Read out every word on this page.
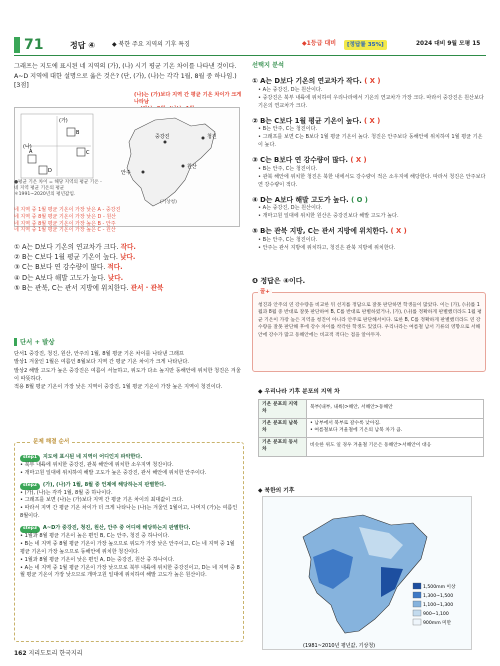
71	정답 ④	◆ 북한 주요 지역의 기후 특징	◆1등급 대비	[정답률 35%]	2024 대비 9월 모평 15

그래프는 지도에 표시된 네 지역의 (가), (나) 시기 평균 기온 차이를 나타낸 것이다. A~D 지역에 대한 설명으로 옳은 것은? (단, (가), (나)는 각각 1월, 8월 중 하나임.) [3점]

(나)는 (가)보다 지역 간 평균 기온 차이가 크게 나타남
(가)
(나)
A
B
C
D
중강진	청진
안주
원산
●평균 기온 차이 = 해당 지역의 평균 기온 -
네 지역 평균 기온의 평균
＊1991~2020년의 평년값임.
(기상청)
네 지역 중 1월 평균 기온이 가장 낮은 A - 중강진
네 지역 중 8월 평균 기온이 가장 낮은 D - 원산
네 지역 중 8월 평균 기온이 가장 높은 B - 안주
네 지역 중 1월 평균 기온이 가장 높은 C - 원산
① A는 D보다 기온의 연교차가 크다. 작다.
② B는 C보다 1월 평균 기온이 높다. 낮다.
③ C는 B보다 연 강수량이 많다. 적다.
④ D는 A보다 해발 고도가 높다. 낮다.
⑤ B는 관북, C는 관서 지방에 위치한다. 관서 · 관북
단서 + 발상
단서1 중강진, 청진, 원산, 안주의 1월, 8월 평균 기온 차이를 나타낸 그래프
발상1 겨울인 1월은 여름인 8월보다 지역 간 평균 기온 차이가 크게 나타난다.
발상2 해발 고도가 높은 중강진은 여름이 서늘하고, 위도가 다소 높지만 동해안에 위치한 청진은 겨울이 따뜻하다.
적용 8월 평균 기온이 가장 낮은 지역이 중강진, 1월 평균 기온이 가장 높은 지역이 청진이다.
문제 해결 순서
step1 지도에 표시된 네 지역이 어디인지 파악한다.
• 북부 내륙에 위치한 중강진, 관북 해안에 위치한 소우지역 청진이다.
• 개마고원 일대에 위치하여 해발 고도가 높은 중강진, 관서 해안에 위치한 안주이다.
step2 (가), (나)가 1월, 8월 중 언제에 해당하는지 판별한다.
• (가), (나)는 각각 1월, 8월 중 하나이다.
• 그래프를 보면 (나)는 (가)보다 지역 간 평균 기온 차이의 최대값이 크다.
• 따라서 지역 간 평균 기온 차이가 더 크게 나타나는 (나)는 겨울인 1월이고, 나머지 (가)는 여름인 8월이다.
step3 A~D가 중강진, 청진, 원산, 안주 중 어디에 해당하는지 판별한다.
• 1월과 8월 평균 기온이 높은 편인 B, C는 안주, 청진 중 하나이다.
• B는 네 지역 중 8월 평균 기온이 가장 높으므로 위도가 가장 낮은 안주이고, C는 네 지역 중 1월 평균 기온이 가장 높으므로 동해안에 위치한 청진이다.
• 1월과 8월 평균 기온이 낮은 편인 A, D는 중강진, 원산 중 하나이다.
• A는 네 지역 중 1월 평균 기온이 가장 낮으므로 북부 내륙에 위치한 중강진이고, D는 네 지역 중 8월 평균 기온이 가장 낮으므로 개마고원 일대에 위치하여 해발 고도가 높은 원산이다.
선택지 분석
① A는 D보다 기온의 연교차가 작다. ( X )
• A는 중강진, D는 원산이다.
• 중강진은 북부 내륙에 위치하여 우리나라에서 기온의 연교차가 가장 크다. 따라서 중강진은 원산보다 기온의 연교차가 크다.
② B는 C보다 1월 평균 기온이 높다. ( X )
• B는 안주, C는 청진이다.
• 그래프를 보면 C는 B보다 1월 평균 기온이 높다. 청진은 안주보다 동해안에 위치하여 1월 평균 기온이 높다.
③ C는 B보다 연 강수량이 많다. ( X )
• B는 안주, C는 청진이다.
• 관북 해안에 위치한 청진은 북한 내에서도 강수량이 적은 소우지에 해당한다. 따라서 청진은 안주보다 연 강수량이 적다.
④ D는 A보다 해발 고도가 높다. ( O )
• A는 중강진, D는 원산이다.
• 개마고원 일대에 위치한 원산은 중강진보다 해발 고도가 높다.
⑤ B는 관북 지방, C는 관서 지방에 위치한다. ( X )
• B는 안주, C는 청진이다.
• 안주는 관서 지방에 위치하고, 청진은 관북 지방에 위치한다.
❹ 정답은 ④이다.
꿀+
청진과 안주의 연 강수량을 비교한 뒤 선지를 정답으로 잘못 판단하면 학생들이 많았다. 이는 (가), (나)를 1월과 8월 중 반대로 잘못 판단하여 B, C를 반대로 판별하였거나, (가), (나)를 정확하게 판별했더라도 1월 평균 기온이 가장 높은 지역을 청진이 아니라 안주로 판단해서이다. 또한 B, C를 정확하게 판별했더라도 연 강수량을 잘못 판단해 후에 강수 차이를 착각한 학생도 있었다. 우리나라는 여름철 남서 기류의 영향으로 서해안에 강수가 많고 동해안에는 비교적 적다는 점을 알아두자.
◆ 우리나라 기후 분포의 지역 차
기온 분포의 지역 차	북부(내부, 내륙)>해안, 서해안>동해안
기온 분포의 남북 차	• 남부에서 북부로 갈수록 낮아짐.
• 여름철보다 겨울철에 기온의 남북 차가 큼.
기온 분포의 동서 차	비슷한 위도 일 경우 겨울철 기온은 동해안>서해안이 대응
◆ 북한의 기후
1,500mm 이상
1,300~1,500
1,100~1,300
900~1,100
900mm 미만
(1981~2010년 평년값, 기상청)
162 지리도토리 한국지리
